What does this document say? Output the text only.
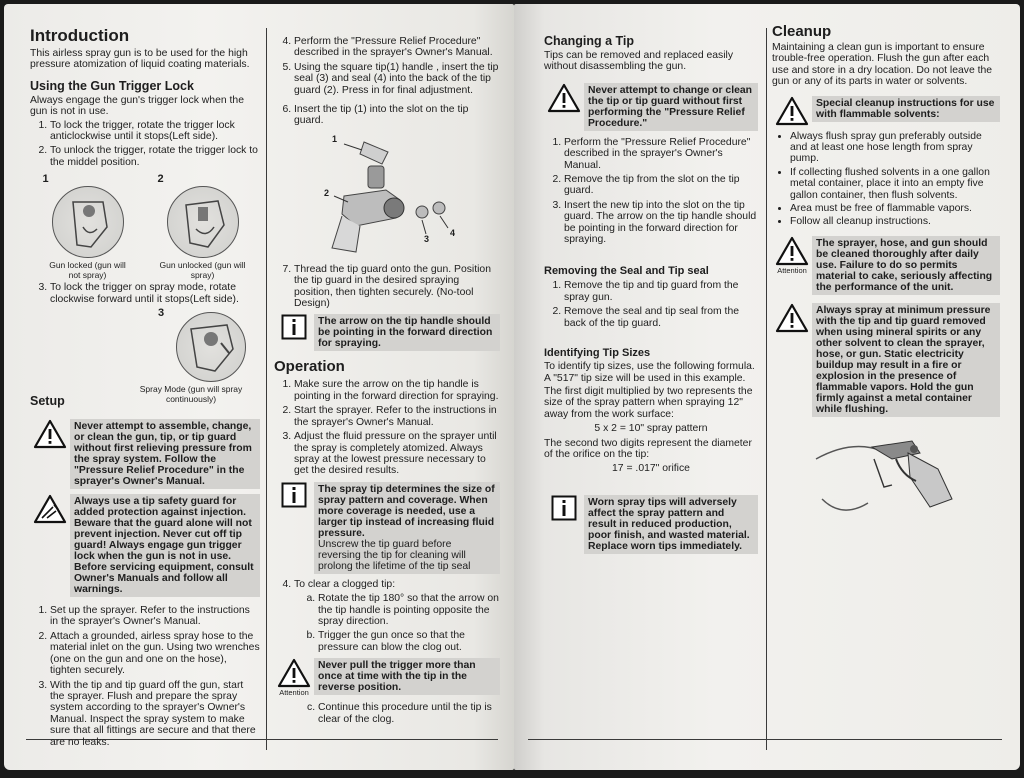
Introduction

This airless spray gun is to be used for the high pressure atomization of liquid coating materials.

Using the Gun Trigger Lock

Always engage the gun's trigger lock when the gun is not in use.

1. To lock the trigger, rotate the trigger lock anticlockwise until it stops(Left side).
2. To unlock the trigger, rotate the trigger lock to the middel position.
1
Gun locked (gun will not spray)
2
Gun unlocked (gun will spray)
3. To lock the trigger on spray mode, rotate clockwise forward until it stops(Left side).
3
Setup
Spray Mode (gun will spray continuously)
Never attempt to assemble, change, or clean the gun, tip, or tip guard without first relieving pressure from the spray system. Follow the "Pressure Relief Procedure" in the sprayer's Owner's Manual.
Always use a tip safety guard for added protection against injection. Beware that the guard alone will not prevent injection. Never cut off tip guard! Always engage gun trigger lock when the gun is not in use. Before servicing equipment, consult Owner's Manuals and follow all warnings.
1. Set up the sprayer. Refer to the instructions in the sprayer's Owner's Manual.
2. Attach a grounded, airless spray hose to the material inlet on the gun. Using two wrenches (one on the gun and one on the hose), tighten securely.
3. With the tip and tip guard off the gun, start the sprayer. Flush and prepare the spray system according to the sprayer's Owner's Manual. Inspect the spray system to make sure that all fittings are secure and that there are no leaks.
4. Perform the "Pressure Relief Procedure" described in the sprayer's Owner's Manual.
5. Using the square tip(1) handle , insert the tip seal (3) and seal (4) into the back of the tip guard (2). Press in for final adjustment.
6. Insert the tip (1) into the slot on the tip guard.
1
2
3
4
7. Thread the tip guard onto the gun. Position the tip guard in the desired spraying position, then tighten securely. (No-tool Design)
The arrow on the tip handle should be pointing in the forward direction for spraying.
Operation
1. Make sure the arrow on the tip handle is pointing in the forward direction for spraying.
2. Start the sprayer. Refer to the instructions in the sprayer's Owner's Manual.
3. Adjust the fluid pressure on the sprayer until the spray is completely atomized. Always spray at the lowest pressure necessary to get the desired results.
The spray tip determines the size of spray pattern and coverage. When more coverage is needed, use a larger tip instead of increasing fluid pressure.
Unscrew the tip guard before reversing the tip for cleaning will prolong the lifetime of the tip seal
4. To clear a clogged tip:
a. Rotate the tip 180° so that the arrow on the tip handle is pointing opposite the spray direction.
b. Trigger the gun once so that the pressure can blow the clog out.
Attention
Never pull the trigger more than once at time with the tip in the reverse position.
c. Continue this procedure until the tip is clear of the clog.
Changing a Tip

Tips can be removed and replaced easily without disassembling the gun.

Never attempt to change or clean the tip or tip guard without first performing the "Pressure Relief Procedure."
1. Perform the "Pressure Relief Procedure" described in the sprayer's Owner's Manual.
2. Remove the tip from the slot on the tip guard.
3. Insert the new tip into the slot on the tip guard. The arrow on the tip handle should be pointing in the forward direction for spraying.
Removing the Seal and Tip seal
1. Remove the tip and tip guard from the spray gun.
2. Remove the seal and tip seal from the back of the tip guard.
Identifying Tip Sizes

To identify tip sizes, use the following formula. A "517" tip size will be used in this example.

The first digit multiplied by two represents the size of the spray pattern when spraying 12" away from the work surface:

5 x 2 = 10" spray pattern

The second two digits represent the diameter of the orifice on the tip:

17 = .017" orifice
Worn spray tips will adversely affect the spray pattern and result in reduced production, poor finish, and wasted material. Replace worn tips immediately.
Cleanup

Maintaining a clean gun is important to ensure trouble-free operation. Flush the gun after each use and store in a dry location. Do not leave the gun or any of its parts in water or solvents.

Special cleanup instructions for use with flammable solvents:
• Always flush spray gun preferably outside and at least one hose length from spray pump.
• If collecting flushed solvents in a one gallon metal container, place it into an empty five gallon container, then flush solvents.
• Area must be free of flammable vapors.
• Follow all cleanup instructions.
Attention
The sprayer, hose, and gun should be cleaned thoroughly after daily use. Failure to do so permits material to cake, seriously affecting the performance of the unit.
Always spray at minimum pressure with the tip and tip guard removed when using mineral spirits or any other solvent to clean the sprayer, hose, or gun. Static electricity buildup may result in a fire or explosion in the presence of flammable vapors. Hold the gun firmly against a metal container while flushing.
